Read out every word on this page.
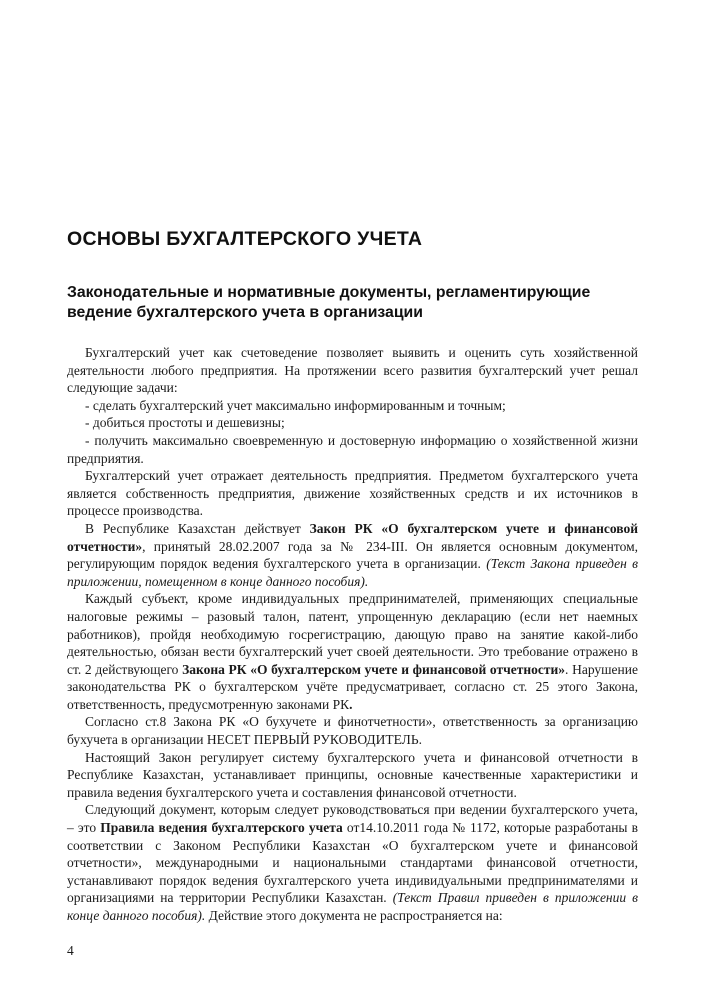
ОСНОВЫ БУХГАЛТЕРСКОГО УЧЕТА
Законодательные и нормативные документы, регламентирующие ведение бухгалтерского учета в организации

Бухгалтерский учет как счетоведение позволяет выявить и оценить суть хозяйственной деятельности любого предприятия. На протяжении всего развития бухгалтерский учет решал следующие задачи:

- сделать бухгалтерский учет максимально информированным и точным;

- добиться простоты и дешевизны;

- получить максимально своевременную и достоверную информацию о хозяйственной жизни предприятия.

Бухгалтерский учет отражает деятельность предприятия. Предметом бухгалтерского учета является собственность предприятия, движение хозяйственных средств и их источников в процессе производства.

В Республике Казахстан действует Закон РК «О бухгалтерском учете и финансовой отчетности», принятый 28.02.2007 года за № 234-III. Он является основным документом, регулирующим порядок ведения бухгалтерского учета в организации. (Текст Закона приведен в приложении, помещенном в конце данного пособия).

Каждый субъект, кроме индивидуальных предпринимателей, применяющих специальные налоговые режимы – разовый талон, патент, упрощенную декларацию (если нет наемных работников), пройдя необходимую госрегистрацию, дающую право на занятие какой-либо деятельностью, обязан вести бухгалтерский учет своей деятельности. Это требование отражено в ст. 2 действующего Закона РК «О бухгалтерском учете и финансовой отчетности». Нарушение законодательства РК о бухгалтерском учёте предусматривает, согласно ст. 25 этого Закона, ответственность, предусмотренную законами РК.

Согласно ст.8 Закона РК «О бухучете и финотчетности», ответственность за организацию бухучета в организации НЕСЕТ ПЕРВЫЙ РУКОВОДИТЕЛЬ.

Настоящий Закон регулирует систему бухгалтерского учета и финансовой отчетности в Республике Казахстан, устанавливает принципы, основные качественные характеристики и правила ведения бухгалтерского учета и составления финансовой отчетности.

Следующий документ, которым следует руководствоваться при ведении бухгалтерского учета, – это Правила ведения бухгалтерского учета от14.10.2011 года № 1172, которые разработаны в соответствии с Законом Республики Казахстан «О бухгалтерском учете и финансовой отчетности», международными и национальными стандартами финансовой отчетности, устанавливают порядок ведения бухгалтерского учета индивидуальными предпринимателями и организациями на территории Республики Казахстан. (Текст Правил приведен в приложении в конце данного пособия). Действие этого документа не распространяется на:

4
